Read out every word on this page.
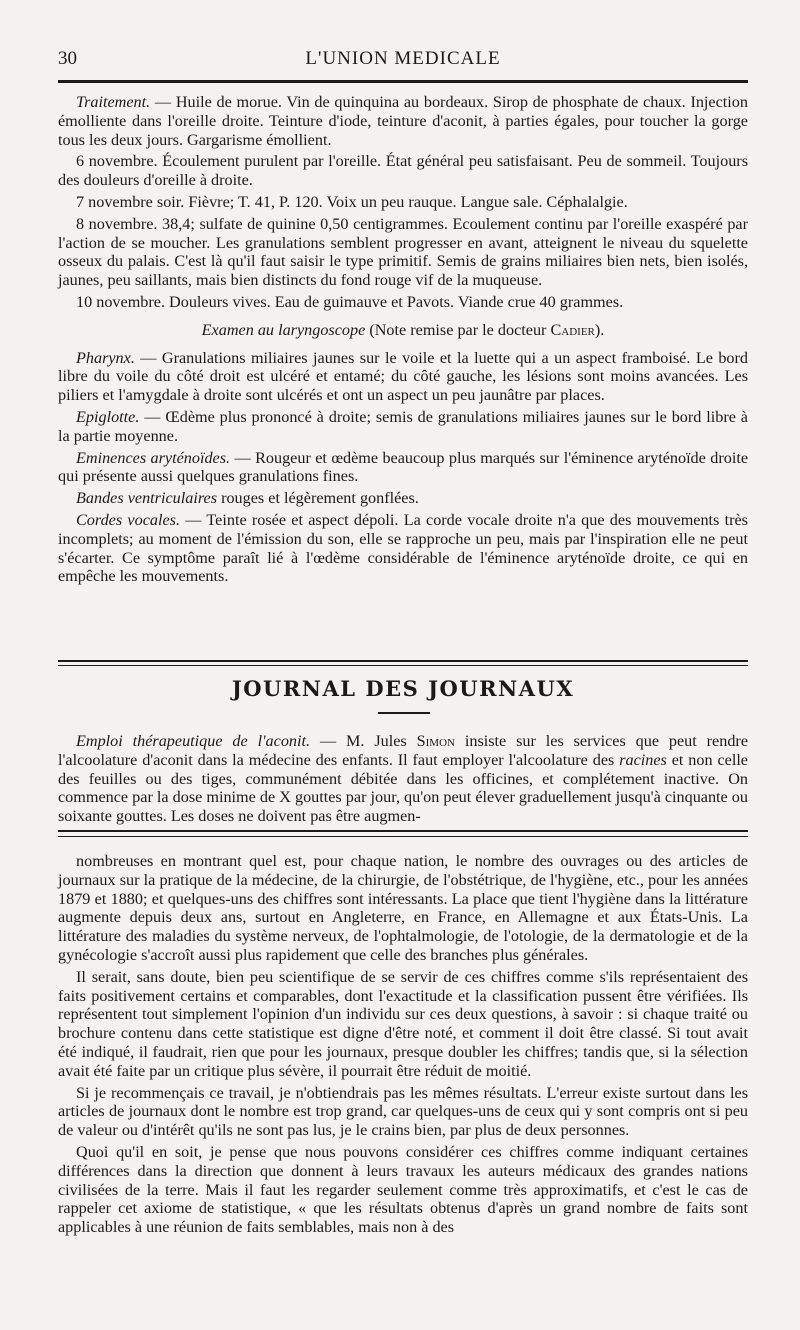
30	L'UNION MEDICALE

Traitement. — Huile de morue. Vin de quinquina au bordeaux. Sirop de phosphate de chaux. Injection émolliente dans l'oreille droite. Teinture d'iode, teinture d'aconit, à parties égales, pour toucher la gorge tous les deux jours. Gargarisme émollient.

6 novembre. Écoulement purulent par l'oreille. État général peu satisfaisant. Peu de sommeil. Toujours des douleurs d'oreille à droite.

7 novembre soir. Fièvre; T. 41, P. 120. Voix un peu rauque. Langue sale. Céphalalgie.

8 novembre. 38,4; sulfate de quinine 0,50 centigrammes. Ecoulement continu par l'oreille exaspéré par l'action de se moucher. Les granulations semblent progresser en avant, atteignent le niveau du squelette osseux du palais. C'est là qu'il faut saisir le type primitif. Semis de grains miliaires bien nets, bien isolés, jaunes, peu saillants, mais bien distincts du fond rouge vif de la muqueuse.

10 novembre. Douleurs vives. Eau de guimauve et Pavots. Viande crue 40 grammes.

Examen au laryngoscope (Note remise par le docteur Cadier).

Pharynx. — Granulations miliaires jaunes sur le voile et la luette qui a un aspect framboisé. Le bord libre du voile du côté droit est ulcéré et entamé; du côté gauche, les lésions sont moins avancées. Les piliers et l'amygdale à droite sont ulcérés et ont un aspect un peu jaunâtre par places.

Epiglotte. — Œdème plus prononcé à droite; semis de granulations miliaires jaunes sur le bord libre à la partie moyenne.

Eminences aryténoïdes. — Rougeur et œdème beaucoup plus marqués sur l'éminence aryténoïde droite qui présente aussi quelques granulations fines.

Bandes ventriculaires rouges et légèrement gonflées.

Cordes vocales. — Teinte rosée et aspect dépoli. La corde vocale droite n'a que des mouvements très incomplets; au moment de l'émission du son, elle se rapproche un peu, mais par l'inspiration elle ne peut s'écarter. Ce symptôme paraît lié à l'œdème considérable de l'éminence aryténoïde droite, ce qui en empêche les mouvements.

JOURNAL DES JOURNAUX

Emploi thérapeutique de l'aconit. — M. Jules Simon insiste sur les services que peut rendre l'alcoolature d'aconit dans la médecine des enfants. Il faut employer l'alcoolature des racines et non celle des feuilles ou des tiges, communément débitée dans les officines, et complétement inactive. On commence par la dose minime de X gouttes par jour, qu'on peut élever graduellement jusqu'à cinquante ou soixante gouttes. Les doses ne doivent pas être augmen-

nombreuses en montrant quel est, pour chaque nation, le nombre des ouvrages ou des articles de journaux sur la pratique de la médecine, de la chirurgie, de l'obstétrique, de l'hygiène, etc., pour les années 1879 et 1880; et quelques-uns des chiffres sont intéressants. La place que tient l'hygiène dans la littérature augmente depuis deux ans, surtout en Angleterre, en France, en Allemagne et aux États-Unis. La littérature des maladies du système nerveux, de l'ophtalmologie, de l'otologie, de la dermatologie et de la gynécologie s'accroît aussi plus rapidement que celle des branches plus générales.

Il serait, sans doute, bien peu scientifique de se servir de ces chiffres comme s'ils représentaient des faits positivement certains et comparables, dont l'exactitude et la classification pussent être vérifiées. Ils représentent tout simplement l'opinion d'un individu sur ces deux questions, à savoir : si chaque traité ou brochure contenu dans cette statistique est digne d'être noté, et comment il doit être classé. Si tout avait été indiqué, il faudrait, rien que pour les journaux, presque doubler les chiffres; tandis que, si la sélection avait été faite par un critique plus sévère, il pourrait être réduit de moitié.

Si je recommençais ce travail, je n'obtiendrais pas les mêmes résultats. L'erreur existe surtout dans les articles de journaux dont le nombre est trop grand, car quelques-uns de ceux qui y sont compris ont si peu de valeur ou d'intérêt qu'ils ne sont pas lus, je le crains bien, par plus de deux personnes.

Quoi qu'il en soit, je pense que nous pouvons considérer ces chiffres comme indiquant certaines différences dans la direction que donnent à leurs travaux les auteurs médicaux des grandes nations civilisées de la terre. Mais il faut les regarder seulement comme très approximatifs, et c'est le cas de rappeler cet axiome de statistique, « que les résultats obtenus d'après un grand nombre de faits sont applicables à une réunion de faits semblables, mais non à des
